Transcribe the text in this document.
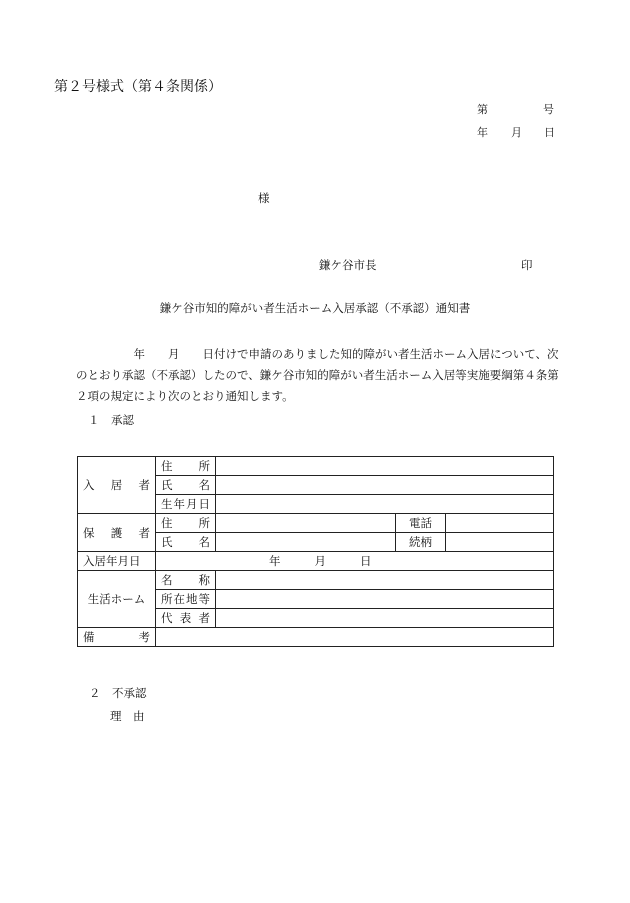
第２号様式（第４条関係）
第	号
年 月 日
様
鎌ケ谷市長	印
鎌ケ谷市知的障がい者生活ホーム入居承認（不承認）通知書
　　　　　年　　月　　日付けで申請のありました知的障がい者生活ホーム入居について、次
のとおり承認（不承認）したので、鎌ケ谷市知的障がい者生活ホーム入居等実施要綱第４条第
２項の規定により次のとおり通知します。
１　承認
入 居 者	住 所			

	氏 名			

	生 年 月 日			

保 護 者	住 所		電話	

	氏 名		続柄	
入居年月日	年 月 日			

生活ホーム	名 称			

	所 在 地 等			

	代 表 者			

備 考				

２　不承認
理　由
